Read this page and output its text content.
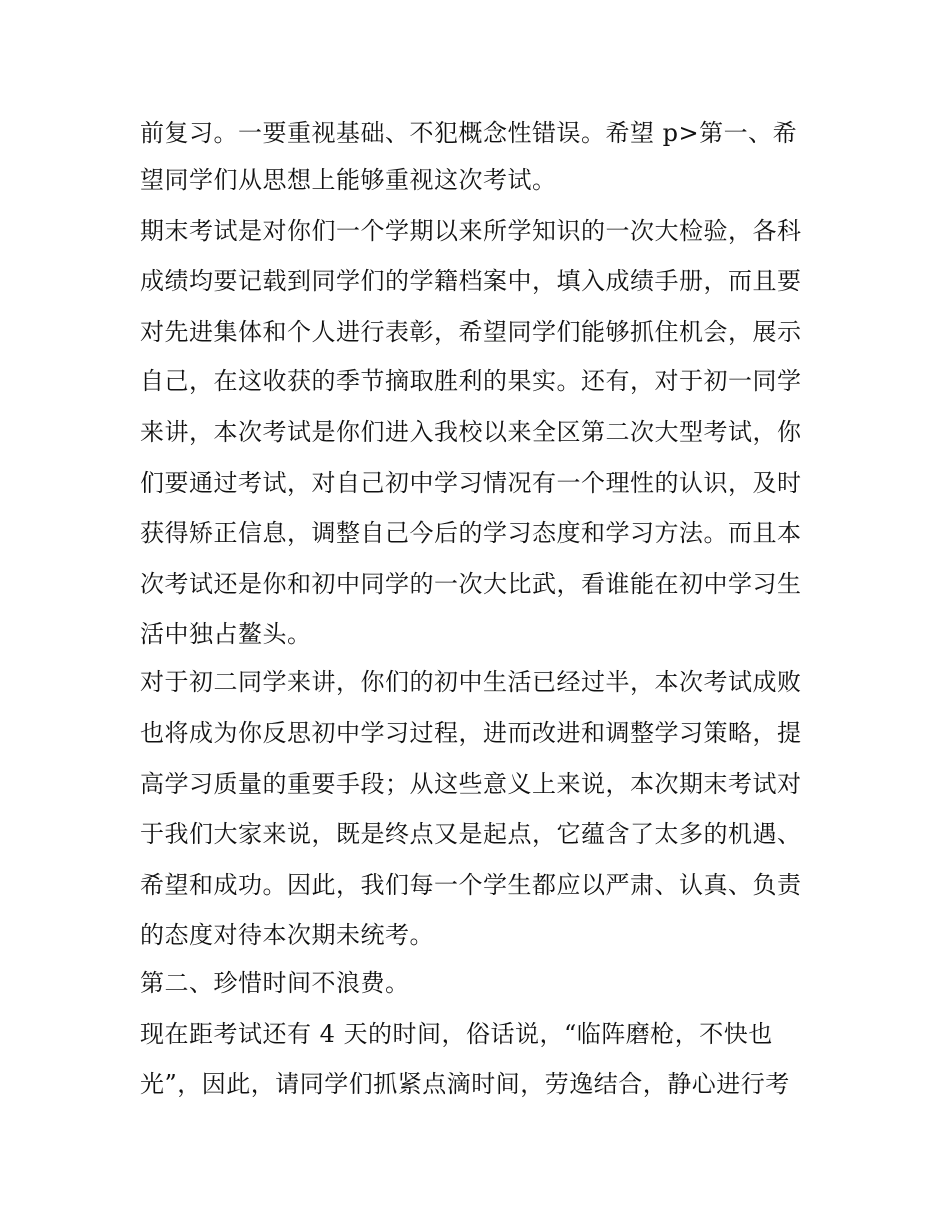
前复习。一要重视基础、不犯概念性错误。希望 p>第一、希
望同学们从思想上能够重视这次考试。
期末考试是对你们一个学期以来所学知识的一次大检验，各科
成绩均要记载到同学们的学籍档案中，填入成绩手册，而且要
对先进集体和个人进行表彰，希望同学们能够抓住机会，展示
自己，在这收获的季节摘取胜利的果实。还有，对于初一同学
来讲，本次考试是你们进入我校以来全区第二次大型考试，你
们要通过考试，对自己初中学习情况有一个理性的认识，及时
获得矫正信息，调整自己今后的学习态度和学习方法。而且本
次考试还是你和初中同学的一次大比武，看谁能在初中学习生
活中独占鳌头。
对于初二同学来讲，你们的初中生活已经过半，本次考试成败
也将成为你反思初中学习过程，进而改进和调整学习策略，提
高学习质量的重要手段；从这些意义上来说，本次期末考试对
于我们大家来说，既是终点又是起点，它蕴含了太多的机遇、
希望和成功。因此，我们每一个学生都应以严肃、认真、负责
的态度对待本次期未统考。
第二、珍惜时间不浪费。
现在距考试还有 4 天的时间，俗话说，“临阵磨枪，不快也
光”，因此，请同学们抓紧点滴时间，劳逸结合，静心进行考
